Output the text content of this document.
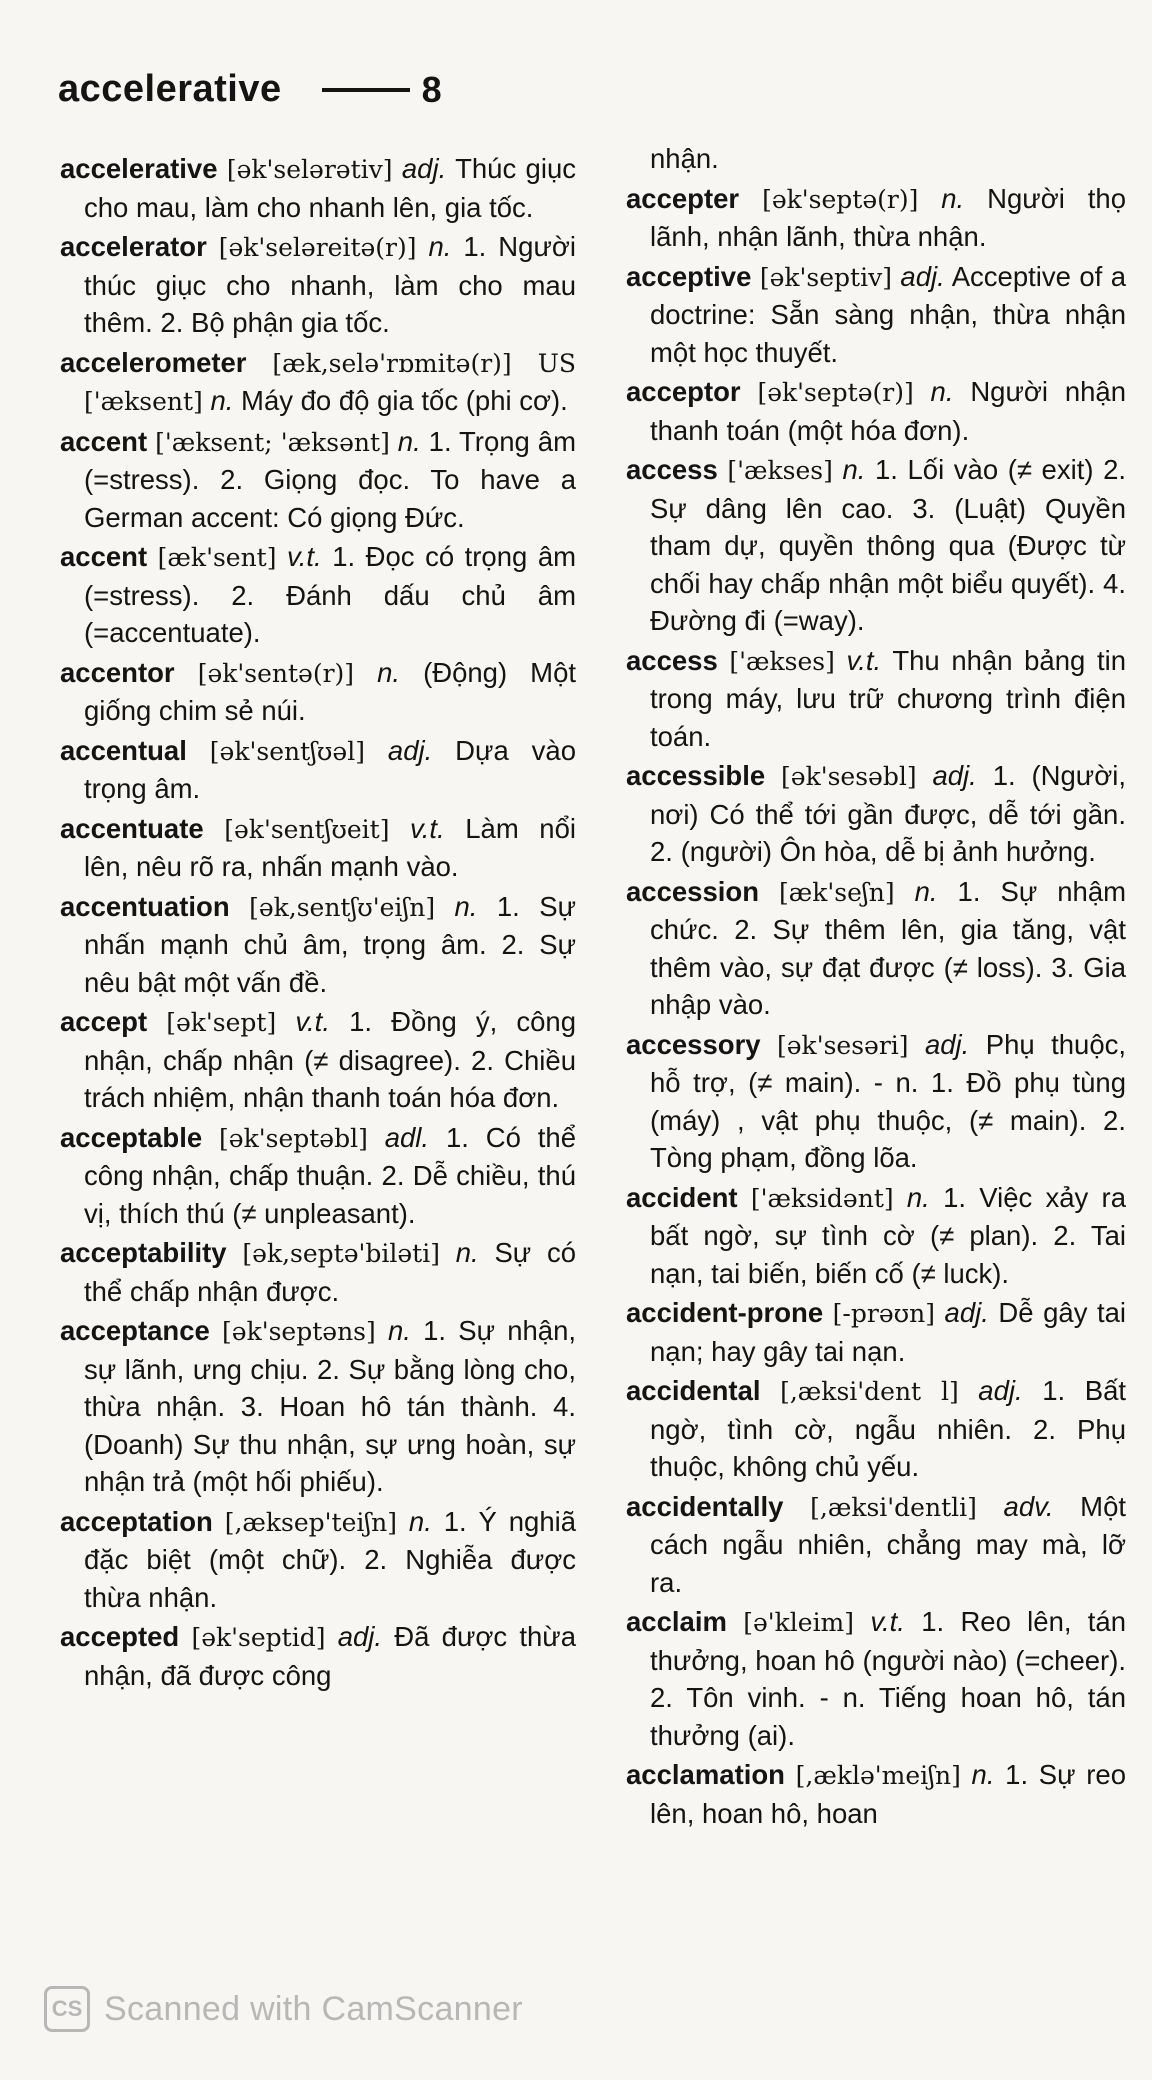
accelerative	8

accelerative [ək'selərətiv] adj. Thúc giục cho mau, làm cho nhanh lên, gia tốc.

accelerator [ək'seləreitə(r)] n. 1. Người thúc giục cho nhanh, làm cho mau thêm. 2. Bộ phận gia tốc.

accelerometer [æk,selə'rɒmitə(r)] US ['æksent] n. Máy đo độ gia tốc (phi cơ).

accent ['æksent; 'æksənt] n. 1. Trọng âm (=stress). 2. Giọng đọc. To have a German accent: Có giọng Đức.

accent [æk'sent] v.t. 1. Đọc có trọng âm (=stress). 2. Đánh dấu chủ âm (=accentuate).

accentor [ək'sentə(r)] n. (Động) Một giống chim sẻ núi.

accentual [ək'sentʃʊəl] adj. Dựa vào trọng âm.

accentuate [ək'sentʃʊeit] v.t. Làm nổi lên, nêu rõ ra, nhấn mạnh vào.

accentuation [ək,sentʃʊ'eiʃn] n. 1. Sự nhấn mạnh chủ âm, trọng âm. 2. Sự nêu bật một vấn đề.

accept [ək'sept] v.t. 1. Đồng ý, công nhận, chấp nhận (≠ disagree). 2. Chiều trách nhiệm, nhận thanh toán hóa đơn.

acceptable [ək'septəbl] adl. 1. Có thể công nhận, chấp thuận. 2. Dễ chiều, thú vị, thích thú (≠ unpleasant).

acceptability [ək,septə'biləti] n. Sự có thể chấp nhận được.

acceptance [ək'septəns] n. 1. Sự nhận, sự lãnh, ưng chịu. 2. Sự bằng lòng cho, thừa nhận. 3. Hoan hô tán thành. 4. (Doanh) Sự thu nhận, sự ưng hoàn, sự nhận trả (một hối phiếu).

acceptation [,æksep'teiʃn] n. 1. Ý nghiã đặc biệt (một chữ). 2. Nghiễa được thừa nhận.

accepted [ək'septid] adj. Đã được thừa nhận, đã được công

nhận.

accepter [ək'septə(r)] n. Người thọ lãnh, nhận lãnh, thừa nhận.

acceptive [ək'septiv] adj. Acceptive of a doctrine: Sẵn sàng nhận, thừa nhận một học thuyết.

acceptor [ək'septə(r)] n. Người nhận thanh toán (một hóa đơn).

access ['ækses] n. 1. Lối vào (≠ exit) 2. Sự dâng lên cao. 3. (Luật) Quyền tham dự, quyền thông qua (Được từ chối hay chấp nhận một biểu quyết). 4. Đường đi (=way).

access ['ækses] v.t. Thu nhận bảng tin trong máy, lưu trữ chương trình điện toán.

accessible [ək'sesəbl] adj. 1. (Người, nơi) Có thể tới gần được, dễ tới gần. 2. (người) Ôn hòa, dễ bị ảnh hưởng.

accession [æk'seʃn] n. 1. Sự nhậm chức. 2. Sự thêm lên, gia tăng, vật thêm vào, sự đạt được (≠ loss). 3. Gia nhập vào.

accessory [ək'sesəri] adj. Phụ thuộc, hỗ trợ, (≠ main). - n. 1. Đồ phụ tùng (máy) , vật phụ thuộc, (≠ main). 2. Tòng phạm, đồng lõa.

accident ['æksidənt] n. 1. Việc xảy ra bất ngờ, sự tình cờ (≠ plan). 2. Tai nạn, tai biến, biến cố (≠ luck).

accident-prone [-prəʊn] adj. Dễ gây tai nạn; hay gây tai nạn.

accidental [,æksi'dent l] adj. 1. Bất ngờ, tình cờ, ngẫu nhiên. 2. Phụ thuộc, không chủ yếu.

accidentally [,æksi'dentli] adv. Một cách ngẫu nhiên, chẳng may mà, lỡ ra.

acclaim [ə'kleim] v.t. 1. Reo lên, tán thưởng, hoan hô (người nào) (=cheer). 2. Tôn vinh. - n. Tiếng hoan hô, tán thưởng (ai).

acclamation [,æklə'meiʃn] n. 1. Sự reo lên, hoan hô, hoan

CS Scanned with CamScanner
